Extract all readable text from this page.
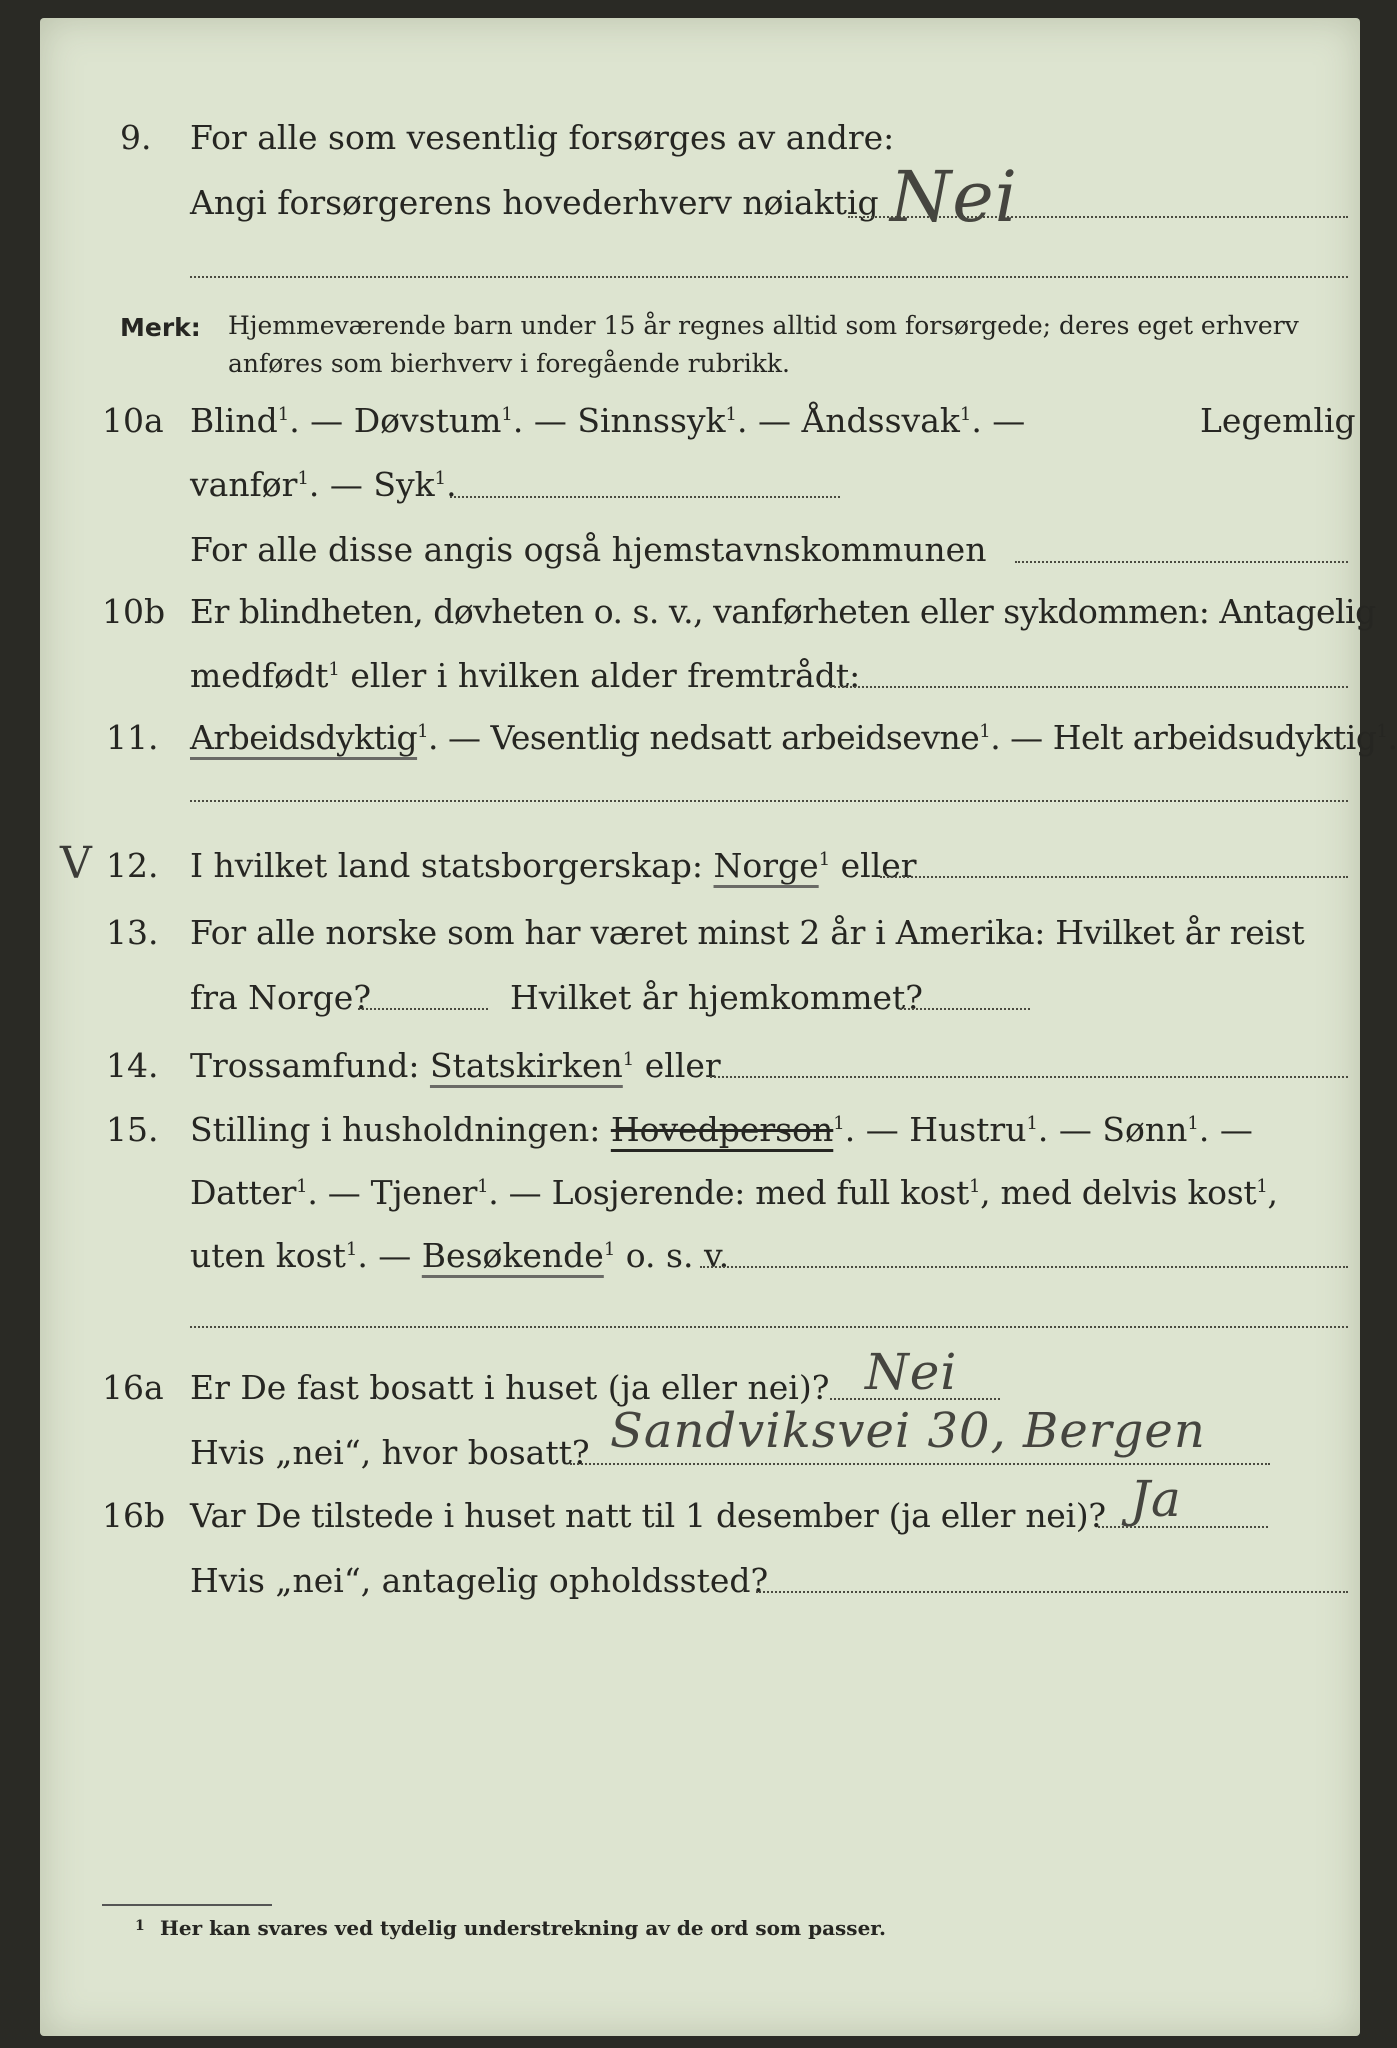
9. For alle som vesentlig forsørges av andre:
Angi forsørgerens hovederhverv nøiaktig Nei
Merk: Hjemmeværende barn under 15 år regnes alltid som forsørgede; deres eget erhverv
anføres som bierhverv i foregående rubrikk.
10a Blind$^1$. — Døvstum$^1$. — Sinnssyk$^1$. — Åndssvak$^1$. —	Legemlig
vanfør$^1$. — Syk$^1$.
For alle disse angis også hjemstavnskommunen
10b Er blindheten, døvheten o. s. v., vanførheten eller sykdommen: Antagelig
medfødt$^1$ eller i hvilken alder fremtrådt:
11. Arbeidsdyktig$^1$. — Vesentlig nedsatt arbeidsevne$^1$. — Helt arbeidsudyktig$^1$.
V 12. I hvilket land statsborgerskap: Norge$^1$ eller
13. For alle norske som har været minst 2 år i Amerika: Hvilket år reist
fra Norge?	Hvilket år hjemkommet?
14. Trossamfund: Statskirken$^1$ eller
15. Stilling i husholdningen: Hovedperson$^1$. — Hustru$^1$. — Sønn$^1$. —
Datter$^1$. — Tjener$^1$. — Losjerende: med full kost$^1$, med delvis kost$^1$,
uten kost$^1$. — Besøkende$^1$ o. s. v.
16a Er De fast bosatt i huset (ja eller nei)? Nei
Hvis „nei“, hvor bosatt? Sandviksvei 30, Bergen
16b Var De tilstede i huset natt til 1 desember (ja eller nei)? Ja
Hvis „nei“, antagelig opholdssted?
1 Her kan svares ved tydelig understrekning av de ord som passer.
